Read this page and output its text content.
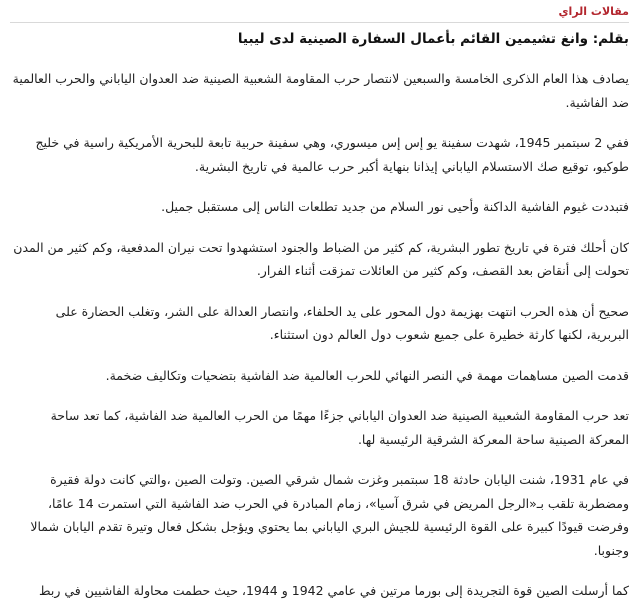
مقالات الراي
بقلم: وانغ تشيمين القائم بأعمال السفارة الصينية لدى ليبيا

يصادف هذا العام الذكرى الخامسة والسبعين لانتصار حرب المقاومة الشعبية الصينية ضد العدوان الياباني والحرب العالمية ضد الفاشية.

ففي 2 سبتمبر 1945، شهدت سفينة يو إس إس ميسوري، وهي سفينة حربية تابعة للبحرية الأمريكية راسية في خليج طوكيو، توقيع صك الاستسلام الياباني إيذانا بنهاية أكبر حرب عالمية في تاريخ البشرية.

فتبددت غيوم الفاشية الداكنة وأحيى نور السلام من جديد تطلعات الناس إلى مستقبل جميل.

كان أحلك فترة في تاريخ تطور البشرية، كم كثير من الضباط والجنود استشهدوا تحت نيران المدفعية، وكم كثير من المدن تحولت إلى أنقاض بعد القصف، وكم كثير من العائلات تمزقت أثناء الفرار.

صحيح أن هذه الحرب انتهت بهزيمة دول المحور على يد الحلفاء، وانتصار العدالة على الشر، وتغلب الحضارة على البربرية، لكنها كارثة خطيرة على جميع شعوب دول العالم دون استثناء.

قدمت الصين مساهمات مهمة في النصر النهائي للحرب العالمية ضد الفاشية بتضحيات وتكاليف ضخمة.

تعد حرب المقاومة الشعبية الصينية ضد العدوان الياباني جزءًا مهمًا من الحرب العالمية ضد الفاشية، كما تعد ساحة المعركة الصينية ساحة المعركة الشرقية الرئيسية لها.

في عام 1931، شنت اليابان حادثة 18 سبتمبر وغزت شمال شرقي الصين. وتولت الصين ،والتي كانت دولة فقيرة ومضطربة تلقب بـ«الرجل المريض في شرق آسيا»، زمام المبادرة في الحرب ضد الفاشية التي استمرت 14 عامًا، وفرضت قيودًا كبيرة على القوة الرئيسية للجيش البري الياباني بما يحتوي ويؤجل بشكل فعال وتيرة تقدم اليابان شمالا وجنوبا.

كما أرسلت الصين قوة التجريدة إلى بورما مرتين في عامي 1942 و 1944، حيث حطمت محاولة الفاشيين في ربط
